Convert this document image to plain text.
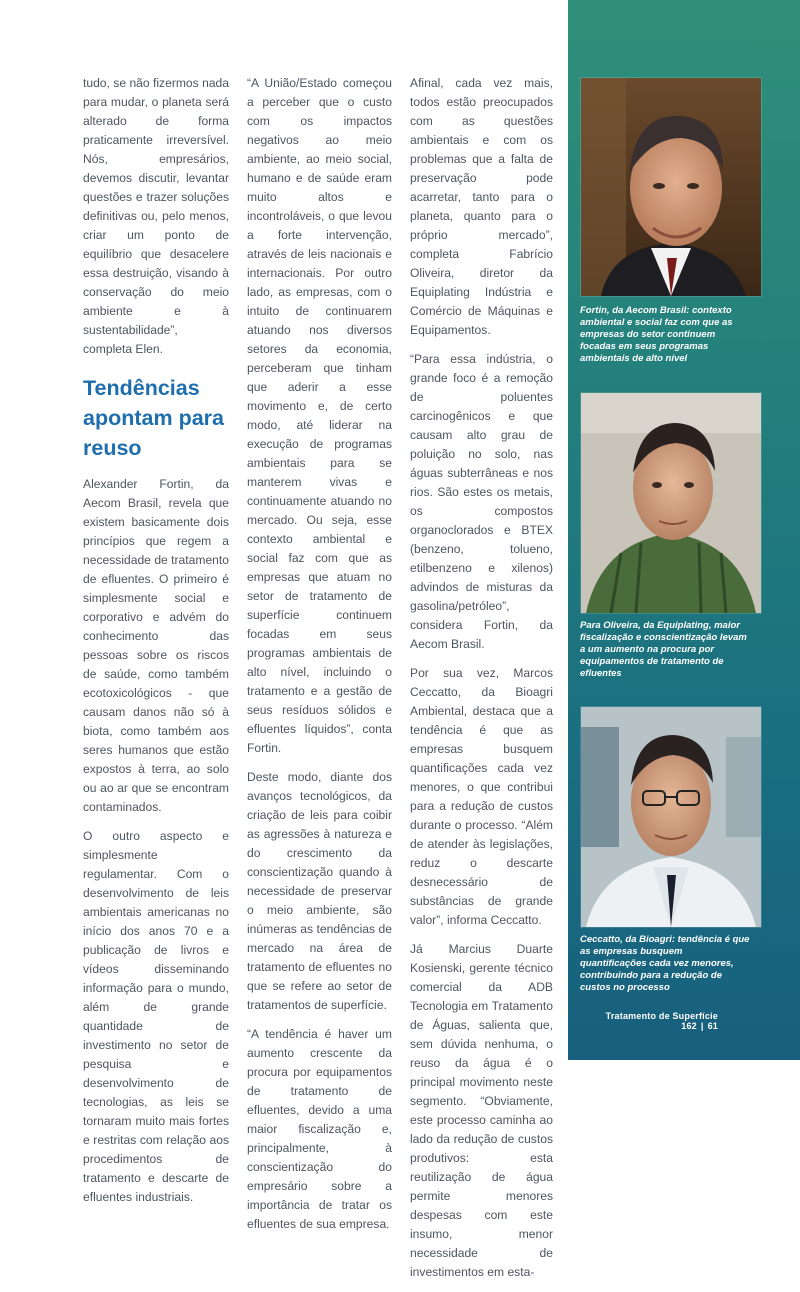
tudo, se não fizermos nada para mudar, o planeta será alterado de forma praticamente irreversível. Nós, empresários, devemos discutir, levantar questões e trazer soluções definitivas ou, pelo menos, criar um ponto de equilíbrio que desacelere essa destruição, visando à conservação do meio ambiente e à sustentabilidade”, completa Elen.

Tendências apontam para reuso

Alexander Fortin, da Aecom Brasil, revela que existem basicamente dois princípios que regem a necessidade de tratamento de efluentes. O primeiro é simplesmente social e corporativo e advém do conhecimento das pessoas sobre os riscos de saúde, como também ecotoxicológicos - que causam danos não só à biota, como também aos seres humanos que estão expostos à terra, ao solo ou ao ar que se encontram contaminados.

O outro aspecto e simplesmente regulamentar. Com o desenvolvimento de leis ambientais americanas no início dos anos 70 e a publicação de livros e vídeos disseminando informação para o mundo, além de grande quantidade de investimento no setor de pesquisa e desenvolvimento de tecnologias, as leis se tornaram muito mais fortes e restritas com relação aos procedimentos de tratamento e descarte de efluentes industriais.

“A União/Estado começou a perceber que o custo com os impactos negativos ao meio ambiente, ao meio social, humano e de saúde eram muito altos e incontroláveis, o que levou a forte intervenção, através de leis nacionais e internacionais. Por outro lado, as empresas, com o intuito de continuarem atuando nos diversos setores da economia, perceberam que tinham que aderir a esse movimento e, de certo modo, até liderar na execução de programas ambientais para se manterem vivas e continuamente atuando no mercado. Ou seja, esse contexto ambiental e social faz com que as empresas que atuam no setor de tratamento de superfície continuem focadas em seus programas ambientais de alto nível, incluindo o tratamento e a gestão de seus resíduos sólidos e efluentes líquidos”, conta Fortin.

Deste modo, diante dos avanços tecnológicos, da criação de leis para coibir as agressões à natureza e do crescimento da conscientização quando à necessidade de preservar o meio ambiente, são inúmeras as tendências de mercado na área de tratamento de efluentes no que se refere ao setor de tratamentos de superfície.

“A tendência é haver um aumento crescente da procura por equipamentos de tratamento de efluentes, devido a uma maior fiscalização e, principalmente, à conscientização do empresário sobre a importância de tratar os efluentes de sua empresa.

Afinal, cada vez mais, todos estão preocupados com as questões ambientais e com os problemas que a falta de preservação pode acarretar, tanto para o planeta, quanto para o próprio mercado”, completa Fabrício Oliveira, diretor da Equiplating Indústria e Comércio de Máquinas e Equipamentos.

“Para essa indústria, o grande foco é a remoção de poluentes carcinogênicos e que causam alto grau de poluição no solo, nas águas subterrâneas e nos rios. São estes os metais, os compostos organoclorados e BTEX (benzeno, tolueno, etilbenzeno e xilenos) advindos de misturas da gasolina/petróleo”, considera Fortin, da Aecom Brasil.

Por sua vez, Marcos Ceccatto, da Bioagri Ambiental, destaca que a tendência é que as empresas busquem quantificações cada vez menores, o que contribui para a redução de custos durante o processo. “Além de atender às legislações, reduz o descarte desnecessário de substâncias de grande valor”, informa Ceccatto.

Já Marcius Duarte Kosienski, gerente técnico comercial da ADB Tecnologia em Tratamento de Águas, salienta que, sem dúvida nenhuma, o reuso da água é o principal movimento neste segmento. “Obviamente, este processo caminha ao lado da redução de custos produtivos: esta reutilização de água permite menores despesas com este insumo, menor necessidade de investimentos em esta-

Fortin, da Aecom Brasil: contexto ambiental e social faz com que as empresas do setor continuem focadas em seus programas ambientais de alto nível
Para Oliveira, da Equiplating, maior fiscalização e conscientização levam a um aumento na procura por equipamentos de tratamento de efluentes
Ceccatto, da Bioagri: tendência é que as empresas busquem quantificações cada vez menores, contribuindo para a redução de custos no processo
Tratamento de Superfície 162 | 61
